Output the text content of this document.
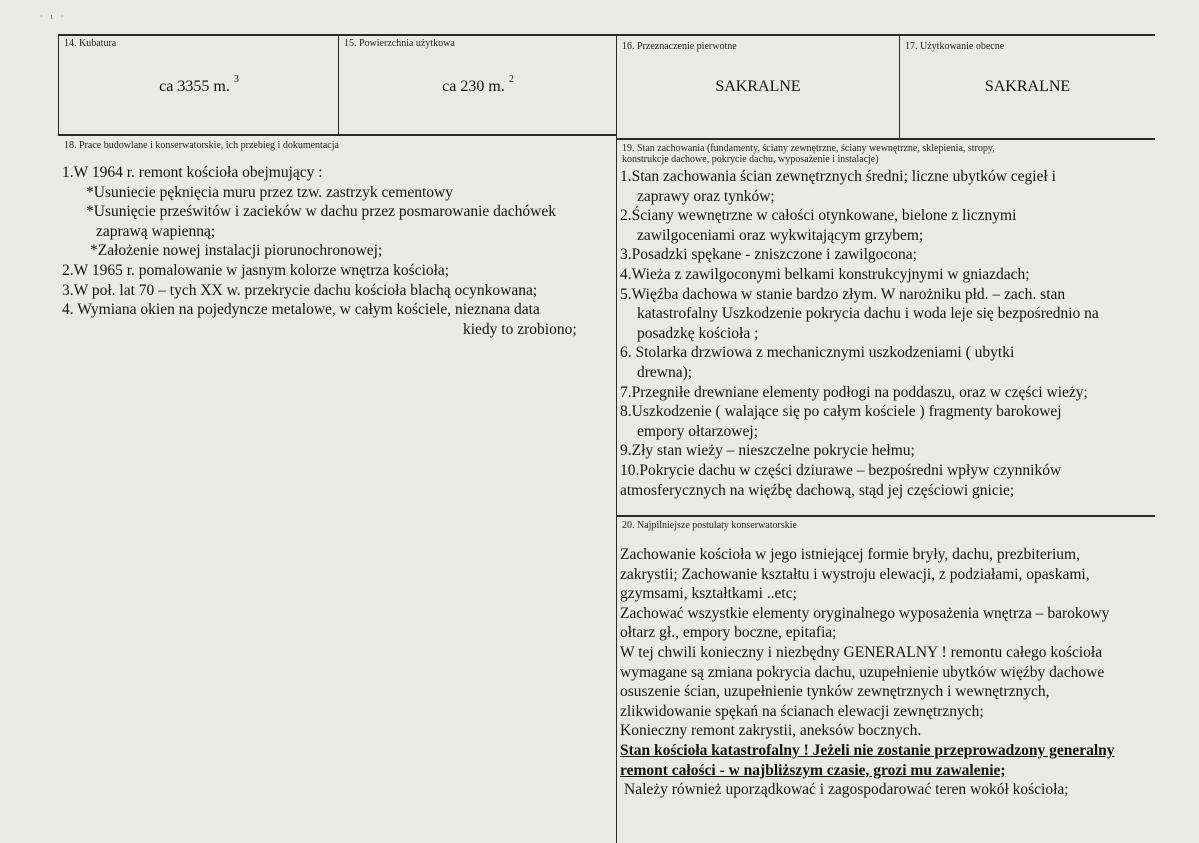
· ı ·
14. Kubatura
ca 3355 m. $^3$
15. Powierzchnia użytkowa
ca 230 m. $^2$
16. Przeznaczenie pierwotne
SAKRALNE
17. Użytkowanie obecne
SAKRALNE
18. Prace budowlane i konserwatorskie, ich przebieg i dokumentacja
1.W 1964 r. remont kościoła obejmujący :
*Usuniecie pęknięcia muru przez tzw. zastrzyk cementowy
*Usunięcie prześwitów i zacieków w dachu przez posmarowanie dachówek
zaprawą wapienną;
*Założenie nowej instalacji piorunochronowej;
2.W 1965 r. pomalowanie w jasnym kolorze wnętrza kościoła;
3.W poł. lat 70 – tych XX w. przekrycie dachu kościoła blachą ocynkowana;
4. Wymiana okien na pojedyncze metalowe, w całym kościele, nieznana data
kiedy to zrobiono;
19. Stan zachowania (fundamenty, ściany zewnętrzne, ściany wewnętrzne, sklepienia, stropy,
konstrukcje dachowe, pokrycie dachu, wyposażenie i instalacje)
1.Stan zachowania ścian zewnętrznych średni; liczne ubytków cegieł i
zaprawy oraz tynków;
2.Ściany wewnętrzne w całości otynkowane, bielone z licznymi
zawilgoceniami oraz wykwitającym grzybem;
3.Posadzki spękane - zniszczone i zawilgocona;
4.Wieża z zawilgoconymi belkami konstrukcyjnymi w gniazdach;
5.Więźba dachowa w stanie bardzo złym. W narożniku płd. – zach. stan
katastrofalny Uszkodzenie pokrycia dachu i woda leje się bezpośrednio na
posadzkę kościoła ;
6. Stolarka drzwiowa z mechanicznymi uszkodzeniami ( ubytki
drewna);
7.Przegniłe drewniane elementy podłogi na poddaszu, oraz w części wieży;
8.Uszkodzenie ( walające się po całym kościele ) fragmenty barokowej
empory ołtarzowej;
9.Zły stan wieży – nieszczelne pokrycie hełmu;
10.Pokrycie dachu w części dziurawe – bezpośredni wpływ czynników
atmosferycznych na więźbę dachową, stąd jej częściowi gnicie;
20. Najpilniejsze postulaty konserwatorskie
Zachowanie kościoła w jego istniejącej formie bryły, dachu, prezbiterium,
zakrystii; Zachowanie kształtu i wystroju elewacji, z podziałami, opaskami,
gzymsami, kształtkami ..etc;
Zachować wszystkie elementy oryginalnego wyposażenia wnętrza – barokowy
ołtarz gł., empory boczne, epitafia;
W tej chwili konieczny i niezbędny GENERALNY ! remontu całego kościoła
wymagane są zmiana pokrycia dachu, uzupełnienie ubytków więźby dachowe
osuszenie ścian, uzupełnienie tynków zewnętrznych i wewnętrznych,
zlikwidowanie spękań na ścianach elewacji zewnętrznych;
Konieczny remont zakrystii, aneksów bocznych.
Stan kościoła katastrofalny ! Jeżeli nie zostanie przeprowadzony generalny
remont całości - w najbliższym czasie, grozi mu zawalenie;
Należy również uporządkować i zagospodarować teren wokół kościoła;
